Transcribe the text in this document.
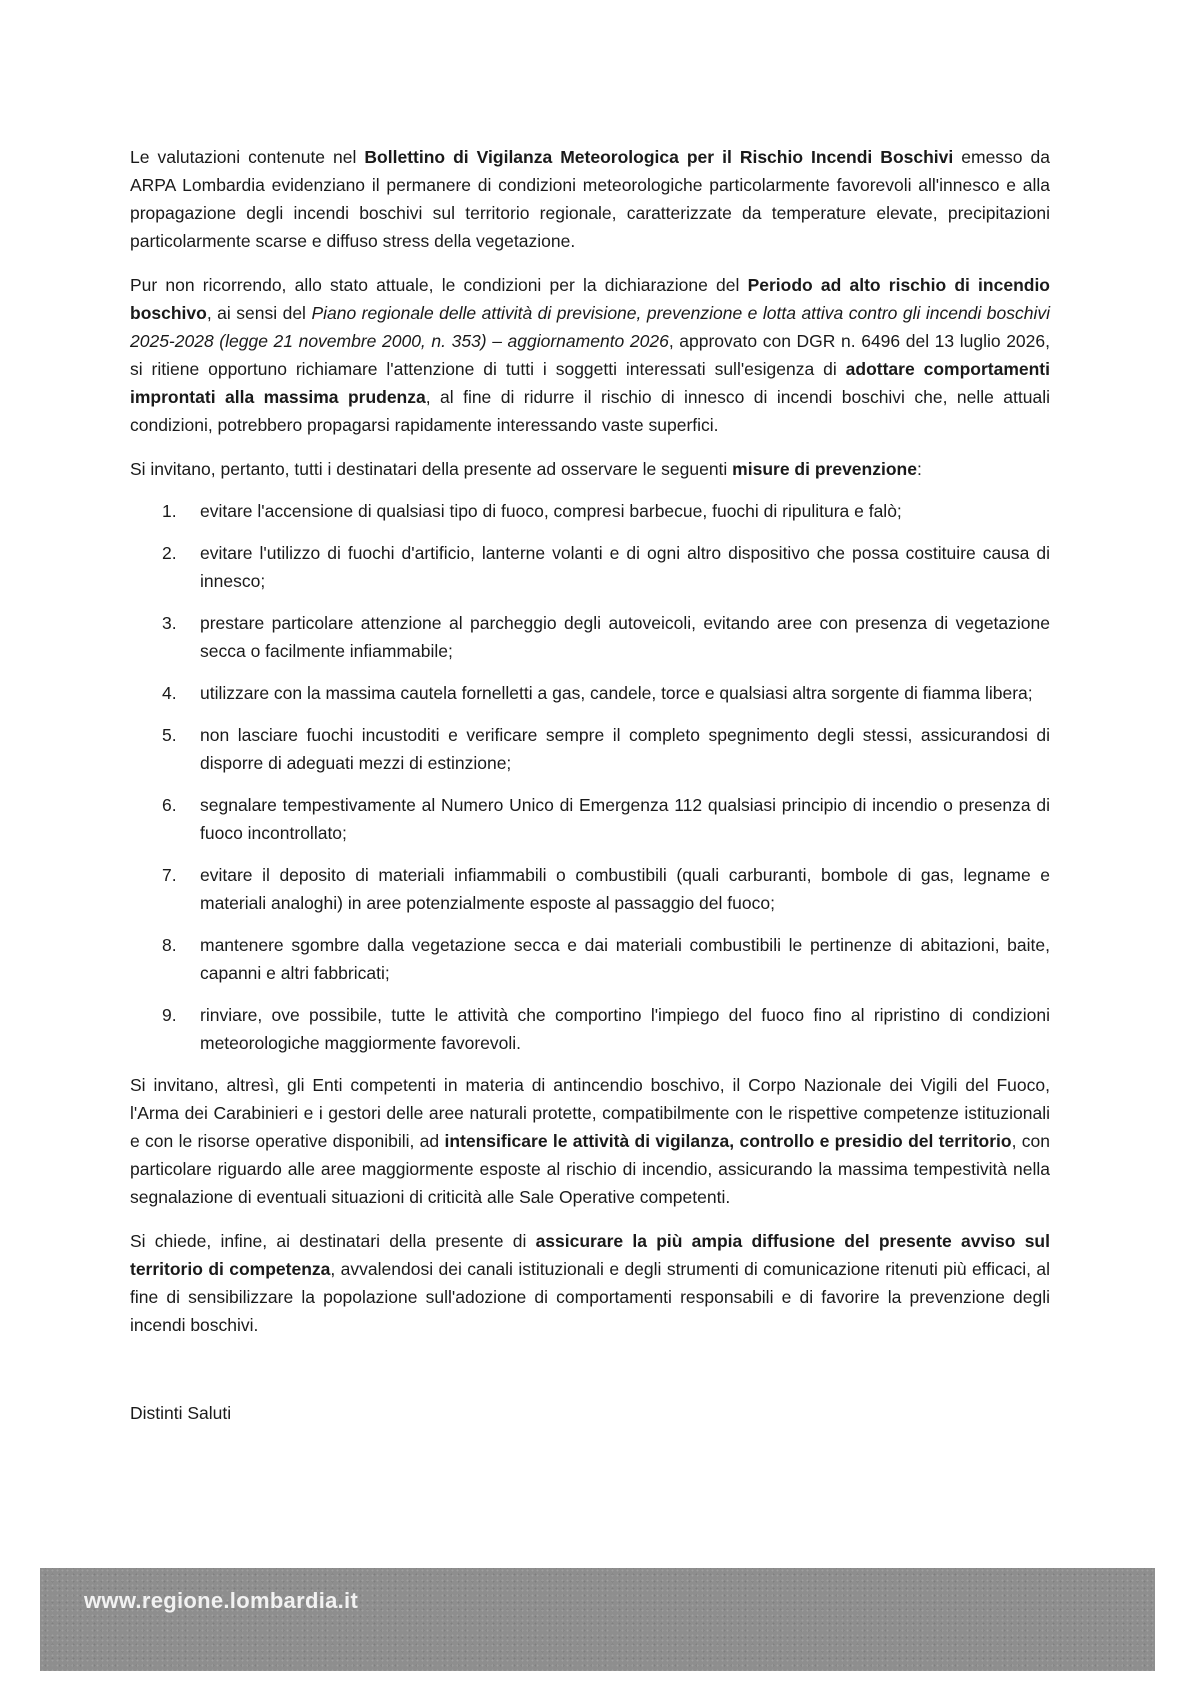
Le valutazioni contenute nel Bollettino di Vigilanza Meteorologica per il Rischio Incendi Boschivi emesso da ARPA Lombardia evidenziano il permanere di condizioni meteorologiche particolarmente favorevoli all'innesco e alla propagazione degli incendi boschivi sul territorio regionale, caratterizzate da temperature elevate, precipitazioni particolarmente scarse e diffuso stress della vegetazione.

Pur non ricorrendo, allo stato attuale, le condizioni per la dichiarazione del Periodo ad alto rischio di incendio boschivo, ai sensi del Piano regionale delle attività di previsione, prevenzione e lotta attiva contro gli incendi boschivi 2025-2028 (legge 21 novembre 2000, n. 353) – aggiornamento 2026, approvato con DGR n. 6496 del 13 luglio 2026, si ritiene opportuno richiamare l'attenzione di tutti i soggetti interessati sull'esigenza di adottare comportamenti improntati alla massima prudenza, al fine di ridurre il rischio di innesco di incendi boschivi che, nelle attuali condizioni, potrebbero propagarsi rapidamente interessando vaste superfici.

Si invitano, pertanto, tutti i destinatari della presente ad osservare le seguenti misure di prevenzione:

1.	evitare l'accensione di qualsiasi tipo di fuoco, compresi barbecue, fuochi di ripulitura e falò;
2.	evitare l'utilizzo di fuochi d'artificio, lanterne volanti e di ogni altro dispositivo che possa costituire causa di innesco;
3.	prestare particolare attenzione al parcheggio degli autoveicoli, evitando aree con presenza di vegetazione secca o facilmente infiammabile;
4.	utilizzare con la massima cautela fornelletti a gas, candele, torce e qualsiasi altra sorgente di fiamma libera;
5.	non lasciare fuochi incustoditi e verificare sempre il completo spegnimento degli stessi, assicurandosi di disporre di adeguati mezzi di estinzione;
6.	segnalare tempestivamente al Numero Unico di Emergenza 112 qualsiasi principio di incendio o presenza di fuoco incontrollato;
7.	evitare il deposito di materiali infiammabili o combustibili (quali carburanti, bombole di gas, legname e materiali analoghi) in aree potenzialmente esposte al passaggio del fuoco;
8.	mantenere sgombre dalla vegetazione secca e dai materiali combustibili le pertinenze di abitazioni, baite, capanni e altri fabbricati;
9.	rinviare, ove possibile, tutte le attività che comportino l'impiego del fuoco fino al ripristino di condizioni meteorologiche maggiormente favorevoli.

Si invitano, altresì, gli Enti competenti in materia di antincendio boschivo, il Corpo Nazionale dei Vigili del Fuoco, l'Arma dei Carabinieri e i gestori delle aree naturali protette, compatibilmente con le rispettive competenze istituzionali e con le risorse operative disponibili, ad intensificare le attività di vigilanza, controllo e presidio del territorio, con particolare riguardo alle aree maggiormente esposte al rischio di incendio, assicurando la massima tempestività nella segnalazione di eventuali situazioni di criticità alle Sale Operative competenti.

Si chiede, infine, ai destinatari della presente di assicurare la più ampia diffusione del presente avviso sul territorio di competenza, avvalendosi dei canali istituzionali e degli strumenti di comunicazione ritenuti più efficaci, al fine di sensibilizzare la popolazione sull'adozione di comportamenti responsabili e di favorire la prevenzione degli incendi boschivi.

Distinti Saluti

www.regione.lombardia.it
